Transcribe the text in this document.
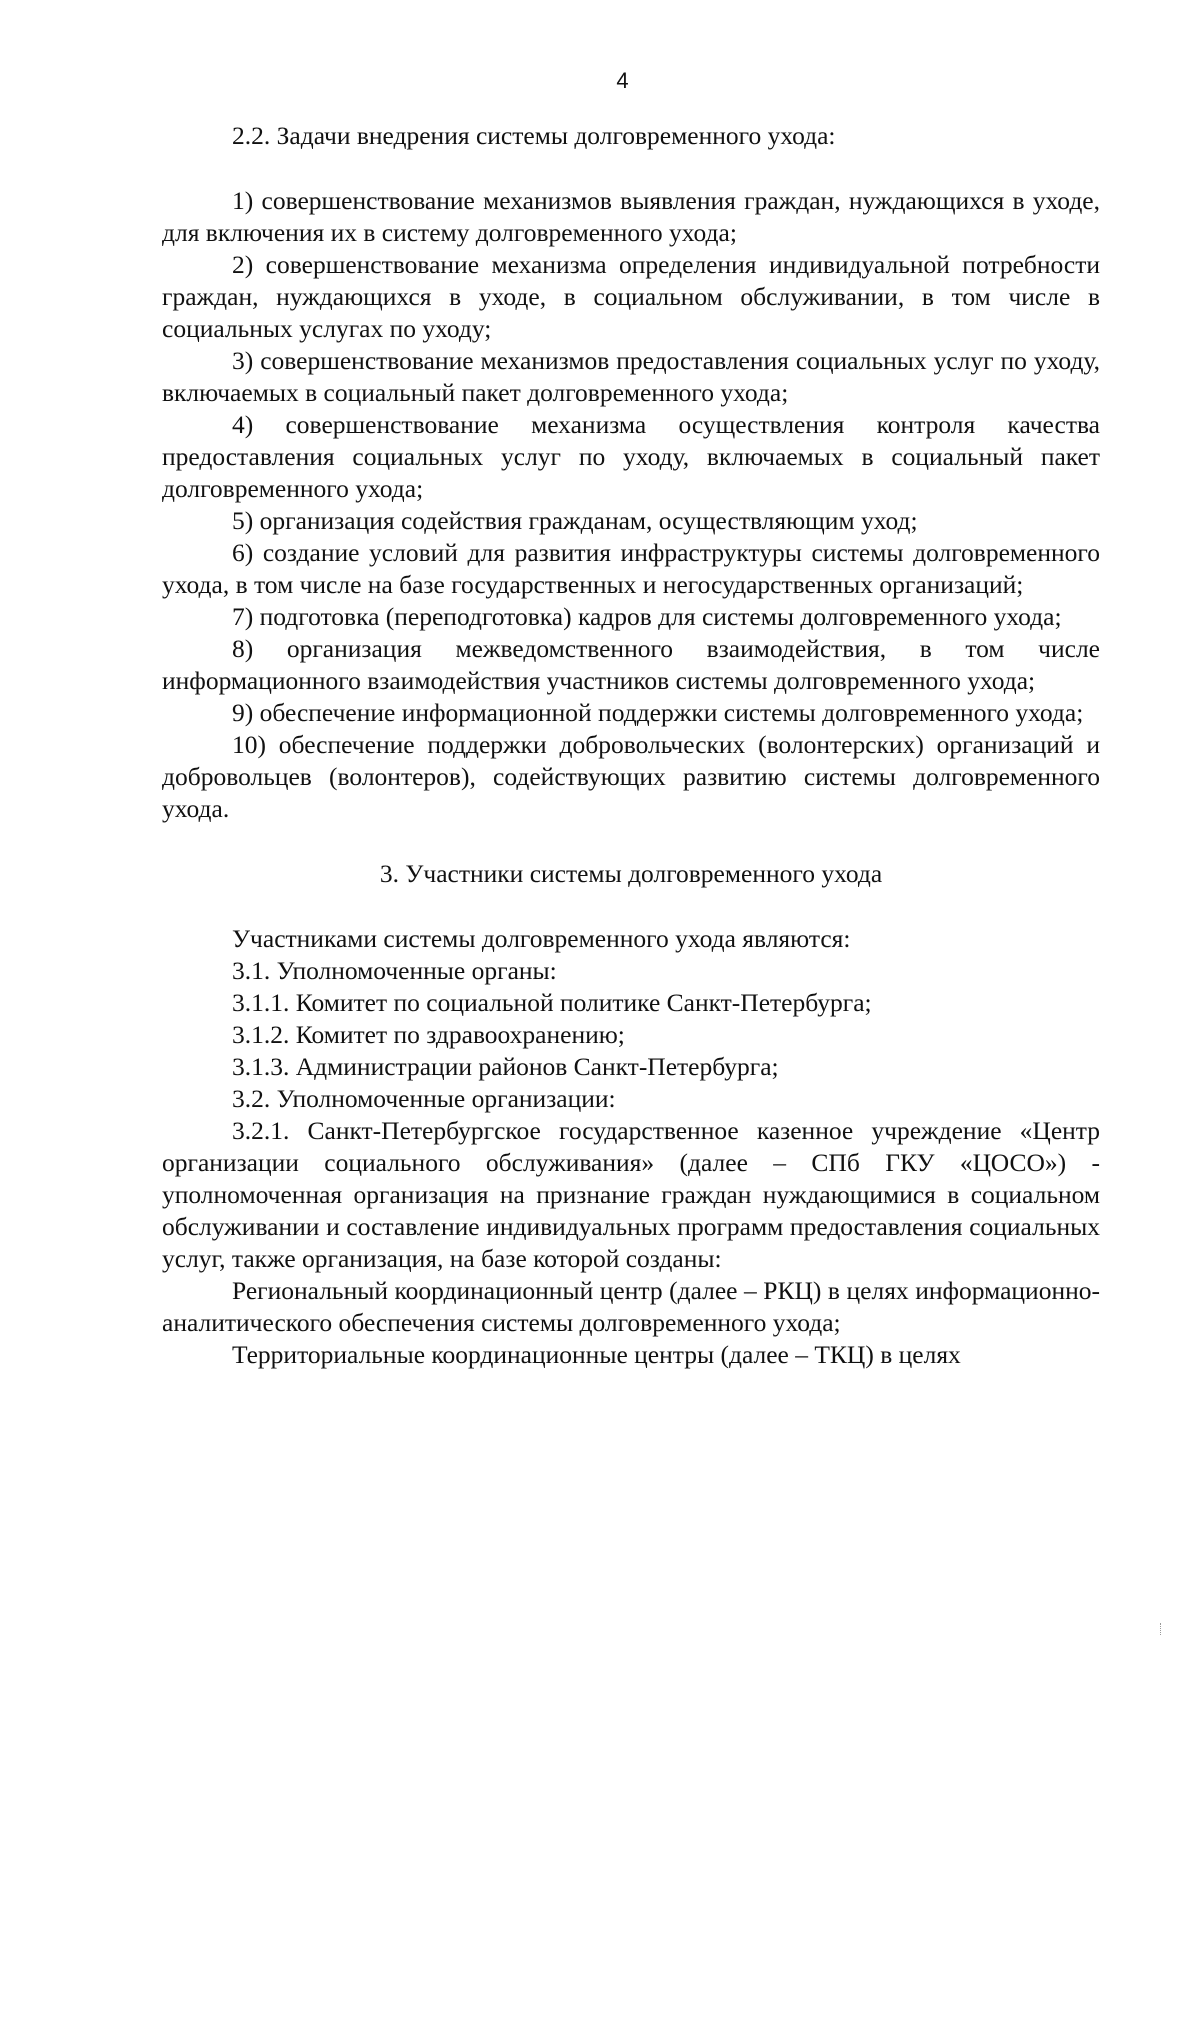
4

2.2. Задачи внедрения системы долговременного ухода:

1) совершенствование механизмов выявления граждан, нуждающихся в уходе, для включения их в систему долговременного ухода;

2) совершенствование механизма определения индивидуальной потребности граждан, нуждающихся в уходе, в социальном обслуживании, в том числе в социальных услугах по уходу;

3) совершенствование механизмов предоставления социальных услуг по уходу, включаемых в социальный пакет долговременного ухода;

4) совершенствование механизма осуществления контроля качества предоставления социальных услуг по уходу, включаемых в социальный пакет долговременного ухода;

5) организация содействия гражданам, осуществляющим уход;

6) создание условий для развития инфраструктуры системы долговременного ухода, в том числе на базе государственных и негосударственных организаций;

7) подготовка (переподготовка) кадров для системы долговременного ухода;

8) организация межведомственного взаимодействия, в том числе информационного взаимодействия участников системы долговременного ухода;

9) обеспечение информационной поддержки системы долговременного ухода;

10) обеспечение поддержки добровольческих (волонтерских) организаций и добровольцев (волонтеров), содействующих развитию системы долговременного ухода.

3. Участники системы долговременного ухода

Участниками системы долговременного ухода являются:

3.1. Уполномоченные органы:

3.1.1. Комитет по социальной политике Санкт-Петербурга;

3.1.2. Комитет по здравоохранению;

3.1.3. Администрации районов Санкт-Петербурга;

3.2. Уполномоченные организации:

3.2.1. Санкт-Петербургское государственное казенное учреждение «Центр организации социального обслуживания» (далее – СПб ГКУ «ЦОСО») - уполномоченная организация на признание граждан нуждающимися в социальном обслуживании и составление индивидуальных программ предоставления социальных услуг, также организация, на базе которой созданы:

Региональный координационный центр (далее – РКЦ) в целях информационно-аналитического обеспечения системы долговременного ухода;

Территориальные координационные центры (далее – ТКЦ) в целях
